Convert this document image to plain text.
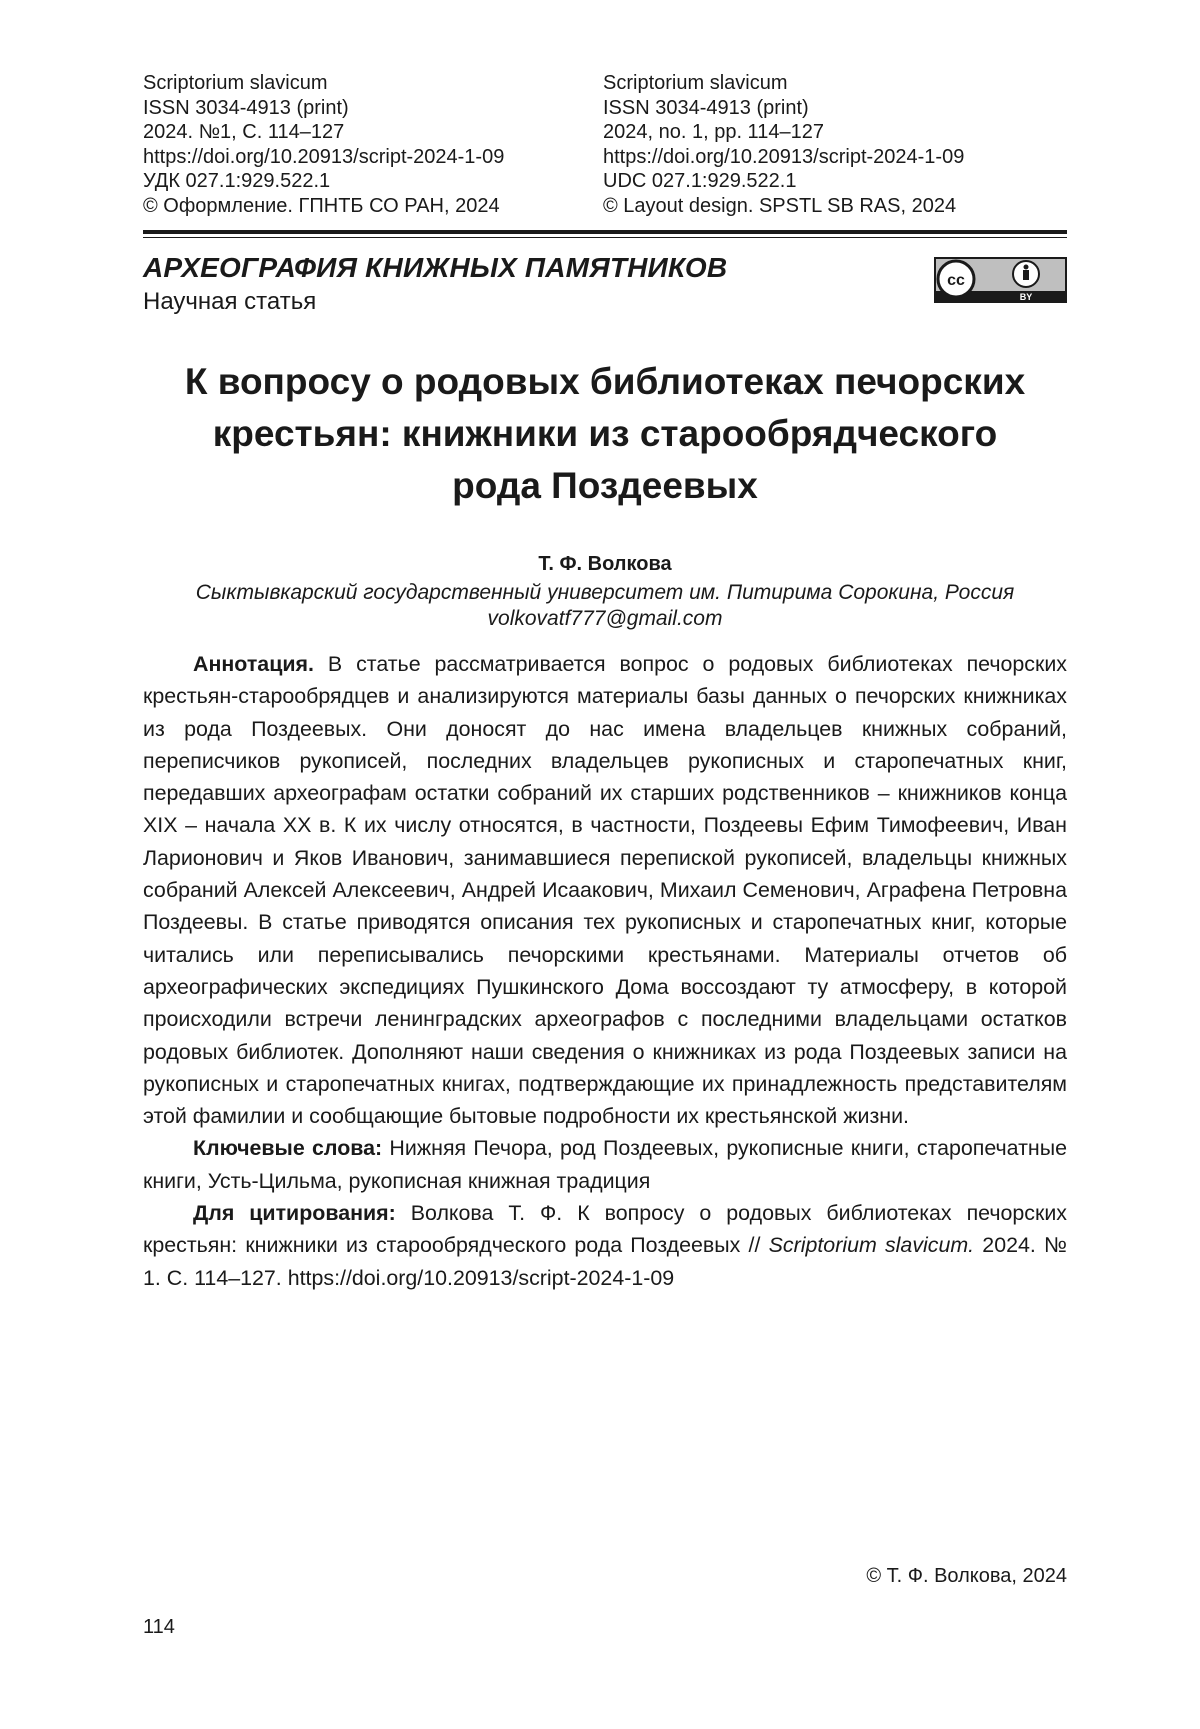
Scriptorium slavicum
ISSN 3034-4913 (print)
2024. №1, С. 114–127
https://doi.org/10.20913/script-2024-1-09
УДК 027.1:929.522.1
© Оформление. ГПНТБ СО РАН, 2024
Scriptorium slavicum
ISSN 3034-4913 (print)
2024, no. 1, pp. 114–127
https://doi.org/10.20913/script-2024-1-09
UDC 027.1:929.522.1
© Layout design. SPSTL SB RAS, 2024
АРХЕОГРАФИЯ КНИЖНЫХ ПАМЯТНИКОВ
Научная статья
cc
BY
К вопросу о родовых библиотеках печорских
крестьян: книжники из старообрядческого
рода Поздеевых
Т. Ф. Волкова
Сыктывкарский государственный университет им. Питирима Сорокина, Россия
volkovatf777@gmail.com

Аннотация. В статье рассматривается вопрос о родовых библиотеках печорских крестьян-старообрядцев и анализируются материалы базы данных о печорских книжниках из рода Поздеевых. Они доносят до нас имена владельцев книжных собраний, переписчиков рукописей, последних владельцев рукописных и старопечатных книг, передавших археографам остатки собраний их старших родственников – книжников конца XIX – начала XX в. К их числу относятся, в частности, Поздеевы Ефим Тимофеевич, Иван Ларионович и Яков Иванович, занимавшиеся перепиской рукописей, владельцы книжных собраний Алексей Алексеевич, Андрей Исаакович, Михаил Семенович, Аграфена Петровна Поздеевы. В статье приводятся описания тех рукописных и старопечатных книг, которые читались или переписывались печорскими крестьянами. Материалы отчетов об археографических экспедициях Пушкинского Дома воссоздают ту атмосферу, в которой происходили встречи ленинградских археографов с последними владельцами остатков родовых библиотек. Дополняют наши сведения о книжниках из рода Поздеевых записи на рукописных и старопечатных книгах, подтверждающие их принадлежность представителям этой фамилии и сообщающие бытовые подробности их крестьянской жизни.

Ключевые слова: Нижняя Печора, род Поздеевых, рукописные книги, старопечатные книги, Усть-Цильма, рукописная книжная традиция

Для цитирования: Волкова Т. Ф. К вопросу о родовых библиотеках печорских крестьян: книжники из старообрядческого рода Поздеевых // Scriptorium slavicum. 2024. № 1. С. 114–127. https://doi.org/10.20913/script-2024-1-09

© Т. Ф. Волкова, 2024
114
